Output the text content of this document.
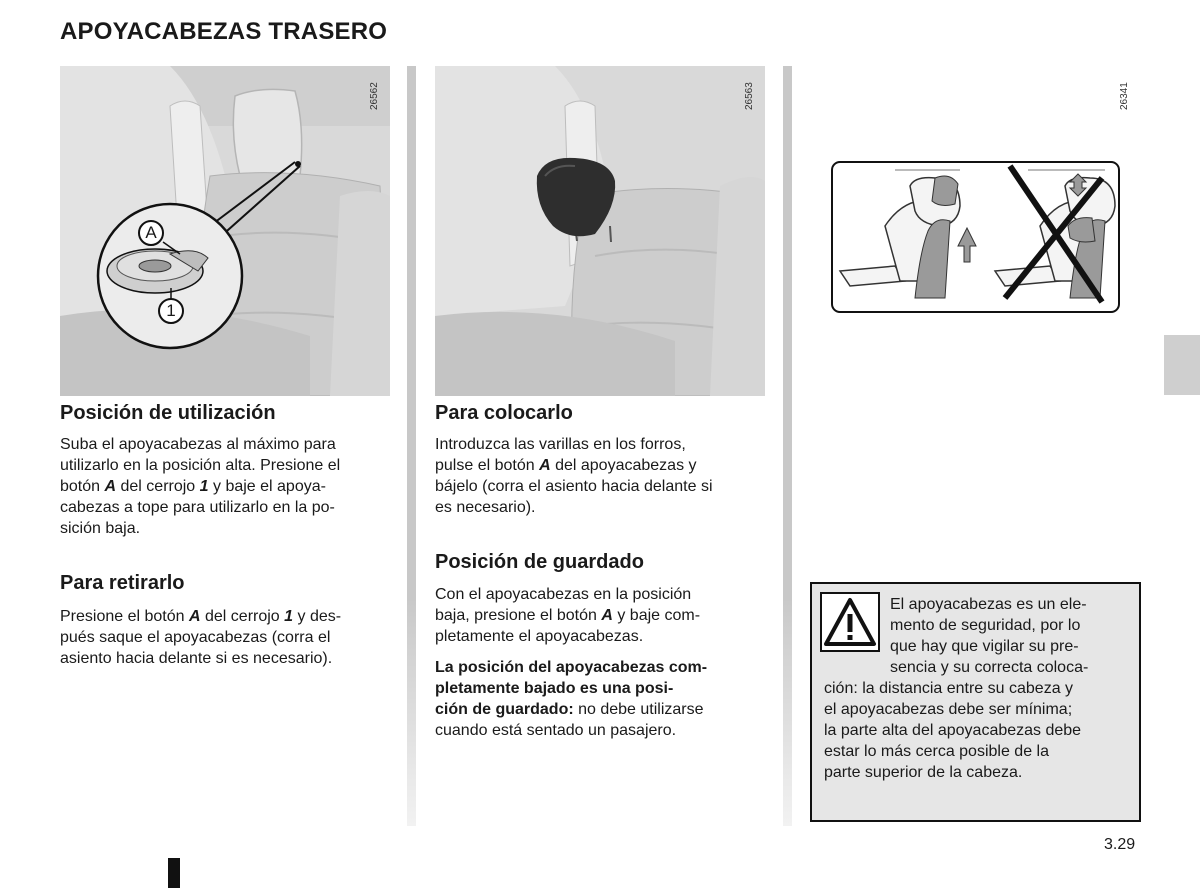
APOYACABEZAS TRASERO
A
1
26562	26563	26341
Posición de utilización
Suba el apoyacabezas al máximo para
utilizarlo en la posición alta. Presione el
botón A del cerrojo 1 y baje el apoya-
cabezas a tope para utilizarlo en la po-
sición baja.
Para retirarlo
Presione el botón A del cerrojo 1 y des-
pués saque el apoyacabezas (corra el
asiento hacia delante si es necesario).
Para colocarlo
Introduzca las varillas en los forros,
pulse el botón A del apoyacabezas y
bájelo (corra el asiento hacia delante si
es necesario).
Posición de guardado
Con el apoyacabezas en la posición
baja, presione el botón A y baje com-
pletamente el apoyacabezas.
La posición del apoyacabezas com-
pletamente bajado es una posi-
ción de guardado: no debe utilizarse
cuando está sentado un pasajero.
El apoyacabezas es un ele-
mento de seguridad, por lo
que hay que vigilar su pre-
sencia y su correcta coloca-
ción: la distancia entre su cabeza y
el apoyacabezas debe ser mínima;
la parte alta del apoyacabezas debe
estar lo más cerca posible de la
parte superior de la cabeza.
3.29
